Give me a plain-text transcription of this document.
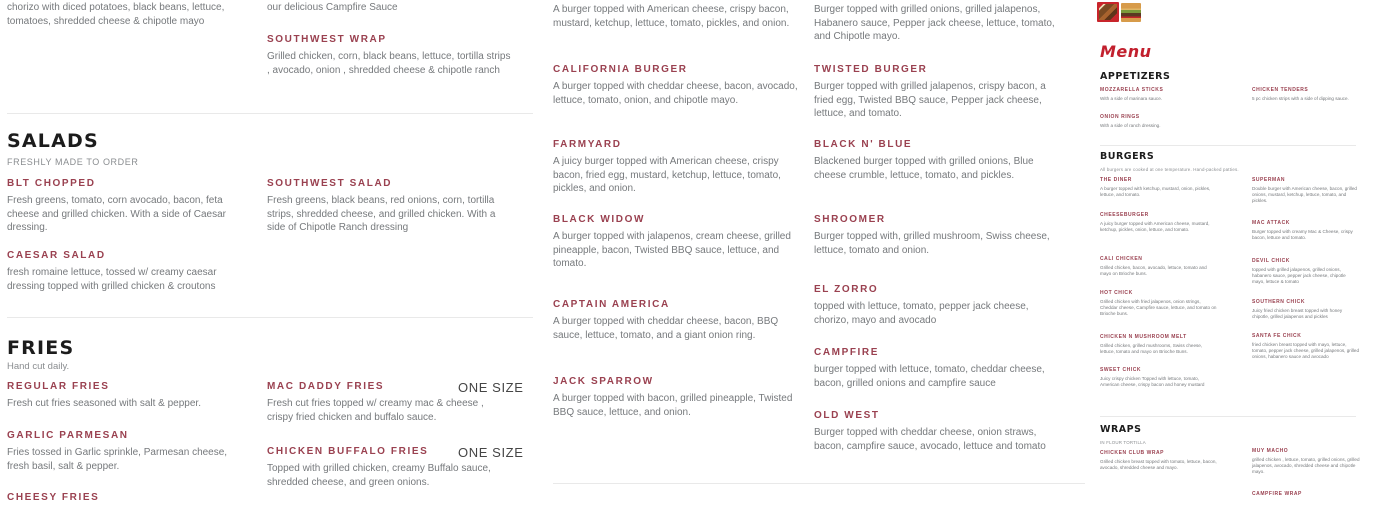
chorizo with diced potatoes, black beans, lettuce, tomatoes, shredded cheese & chipotle mayo

our delicious Campfire Sauce

SOUTHWEST WRAP

Grilled chicken, corn, black beans, lettuce, tortilla strips , avocado, onion , shredded cheese & chipotle ranch

SALADS
FRESHLY MADE TO ORDER
BLT CHOPPED

Fresh greens, tomato, corn avocado, bacon, feta cheese and grilled chicken. With a side of Caesar dressing.

SOUTHWEST SALAD

Fresh greens, black beans, red onions, corn, tortilla strips, shredded cheese, and grilled chicken. With a side of Chipotle Ranch dressing

CAESAR SALAD

fresh romaine lettuce, tossed w/ creamy caesar dressing topped with grilled chicken & croutons

FRIES
Hand cut daily.
REGULAR FRIES

Fresh cut fries seasoned with salt & pepper.

MAC DADDY FRIES

Fresh cut fries topped w/ creamy mac & cheese , crispy fried chicken and buffalo sauce.

ONE SIZE
GARLIC PARMESAN

Fries tossed in Garlic sprinkle, Parmesan cheese, fresh basil, salt & pepper.

CHICKEN BUFFALO FRIES

Topped with grilled chicken, creamy Buffalo sauce, shredded cheese, and green onions.

ONE SIZE
CHEESY FRIES

A burger topped with American cheese, crispy bacon, mustard, ketchup, lettuce, tomato, pickles, and onion.

Burger topped with grilled onions, grilled jalapenos, Habanero sauce, Pepper jack cheese, lettuce, tomato, and Chipotle mayo.

CALIFORNIA BURGER

A burger topped with cheddar cheese, bacon, avocado, lettuce, tomato, onion, and chipotle mayo.

TWISTED BURGER

Burger topped with grilled jalapenos, crispy bacon, a fried egg, Twisted BBQ sauce, Pepper jack cheese, lettuce, and tomato.

FARMYARD

A juicy burger topped with American cheese, crispy bacon, fried egg, mustard, ketchup, lettuce, tomato, pickles, and onion.

BLACK N' BLUE

Blackened burger topped with grilled onions, Blue cheese crumble, lettuce, tomato, and pickles.

BLACK WIDOW

A burger topped with jalapenos, cream cheese, grilled pineapple, bacon, Twisted BBQ sauce, lettuce, and tomato.

SHROOMER

Burger topped with, grilled mushroom, Swiss cheese, lettuce, tomato and onion.

EL ZORRO

topped with lettuce, tomato, pepper jack cheese, chorizo, mayo and avocado

CAPTAIN AMERICA

A burger topped with cheddar cheese, bacon, BBQ sauce, lettuce, tomato, and a giant onion ring.

CAMPFIRE

burger topped with lettuce, tomato, cheddar cheese, bacon, grilled onions and campfire sauce

JACK SPARROW

A burger topped with bacon, grilled pineapple, Twisted BBQ sauce, lettuce, and onion.	OLD WEST

Burger topped with cheddar cheese, onion straws, bacon, campfire sauce, avocado, lettuce and tomato

Menu
APPETIZERS
MOZZARELLA STICKS

With a side of marinara sauce.

CHICKEN TENDERS

5 pc chicken strips with a side of dipping sauce.

ONION RINGS

With a side of ranch dressing.

BURGERS
All burgers are cooked at one temperature. Hand-packed patties.
THE DINER

A burger topped with ketchup, mustard, onion, pickles, lettuce, and tomato.

SUPERMAN

Double burger with American cheese, bacon, grilled onions, mustard, ketchup, lettuce, tomato, and pickles.

CHEESEBURGER

A juicy burger topped with American cheese, mustard, ketchup, pickles, onion, lettuce, and tomato.

MAC ATTACK

Burger topped with creamy Mac & Cheese, crispy bacon, lettuce and tomato.

CALI CHICKEN

Grilled chicken, bacon, avocado, lettuce, tomato and mayo on Brioche buns.

DEVIL CHICK

topped with grilled jalapenos, grilled onions, habanero sauce, pepper jack cheese, chipotle mayo, lettuce & tomato

HOT CHICK

Grilled chicken with fried jalapenos, onion strings, Cheddar cheese, Campfire sauce, lettuce, and tomato on Brioche buns.

SOUTHERN CHICK

Juicy fried chicken breast topped with honey chipotle, grilled jalapenos and pickles

CHICKEN N MUSHROOM MELT

Grilled chicken, grilled mushrooms, Swiss cheese, lettuce, tomato and mayo on Brioche Buns.

SANTA FE CHICK

fried chicken breast topped with mayo, lettuce, tomato, pepper jack cheese, grilled jalapenos, grilled onions, habanero sauce and avocado

SWEET CHICK

Juicy crispy chicken Topped with lettuce, tomato, American cheese, crispy bacon and honey mustard

WRAPS
IN FLOUR TORTILLA
CHICKEN CLUB WRAP

Grilled chicken breast topped with tomato, lettuce, bacon, avocado, shredded cheese and mayo.

MUY MACHO

grilled chicken , lettuce, tomato, grilled onions, grilled jalapenos, avocado, shredded cheese and chipotle mayo.

CAMPFIRE WRAP
